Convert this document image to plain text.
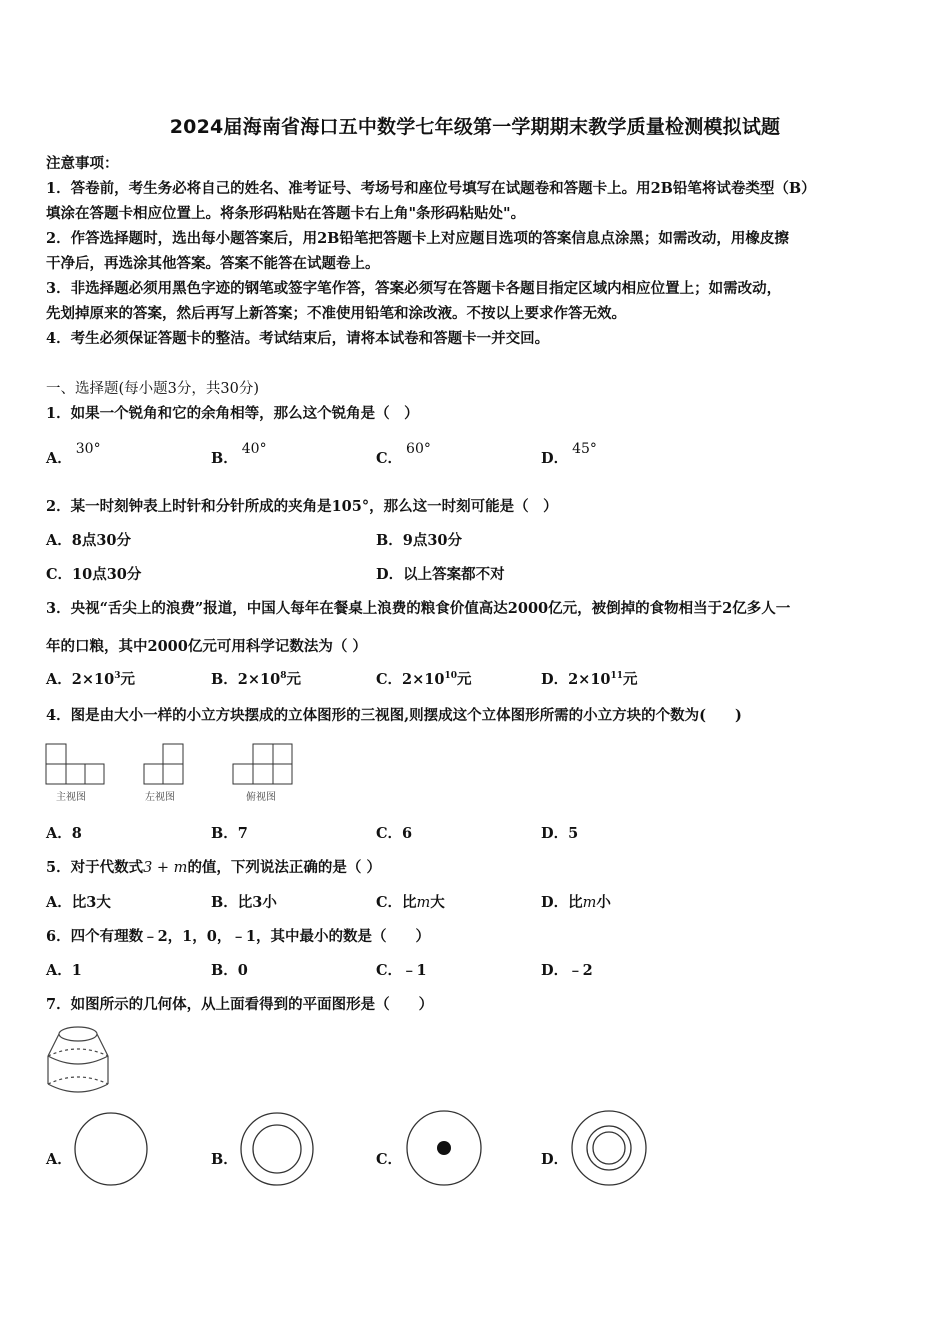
2024届海南省海口五中数学七年级第一学期期末教学质量检测模拟试题
注意事项：
1．答卷前，考生务必将自己的姓名、准考证号、考场号和座位号填写在试题卷和答题卡上。用2B铅笔将试卷类型（B）
填涂在答题卡相应位置上。将条形码粘贴在答题卡右上角"条形码粘贴处"。
2．作答选择题时，选出每小题答案后，用2B铅笔把答题卡上对应题目选项的答案信息点涂黑；如需改动，用橡皮擦
干净后，再选涂其他答案。答案不能答在试题卷上。
3．非选择题必须用黑色字迹的钢笔或签字笔作答，答案必须写在答题卡各题目指定区域内相应位置上；如需改动，
先划掉原来的答案，然后再写上新答案；不准使用铅笔和涂改液。不按以上要求作答无效。
4．考生必须保证答题卡的整洁。考试结束后，请将本试卷和答题卡一并交回。
一、选择题(每小题3分，共30分)
1．如果一个锐角和它的余角相等，那么这个锐角是（　）
A．30°
B．40°
C．60°
D．45°
2．某一时刻钟表上时针和分针所成的夹角是105°，那么这一时刻可能是（　）
A．8点30分	B．9点30分
C．10点30分	D．以上答案都不对
3．央视“舌尖上的浪费”报道，中国人每年在餐桌上浪费的粮食价值高达2000亿元，被倒掉的食物相当于2亿多人一
年的口粮，其中2000亿元可用科学记数法为（ ）
A．$2\times 10^3$元	B．$2\times 10^8$元	C．$2\times 10^{10}$元	D．$2\times 10^{11}$元
4．图是由大小一样的小立方块摆成的立体图形的三视图,则摆成这个立体图形所需的小立方块的个数为(　　)
主视图	左视图	俯视图
A．8	B．7	C．6	D．5
5．对于代数式3 + m的值，下列说法正确的是（ ）
A．比3大	B．比3小	C．比m大	D．比m小
6．四个有理数﹣2，1，0，﹣1，其中最小的数是（　　）
A．1	B．0	C．﹣1	D．﹣2
7．如图所示的几何体，从上面看得到的平面图形是（　　）
A．	B．	C．	D．
